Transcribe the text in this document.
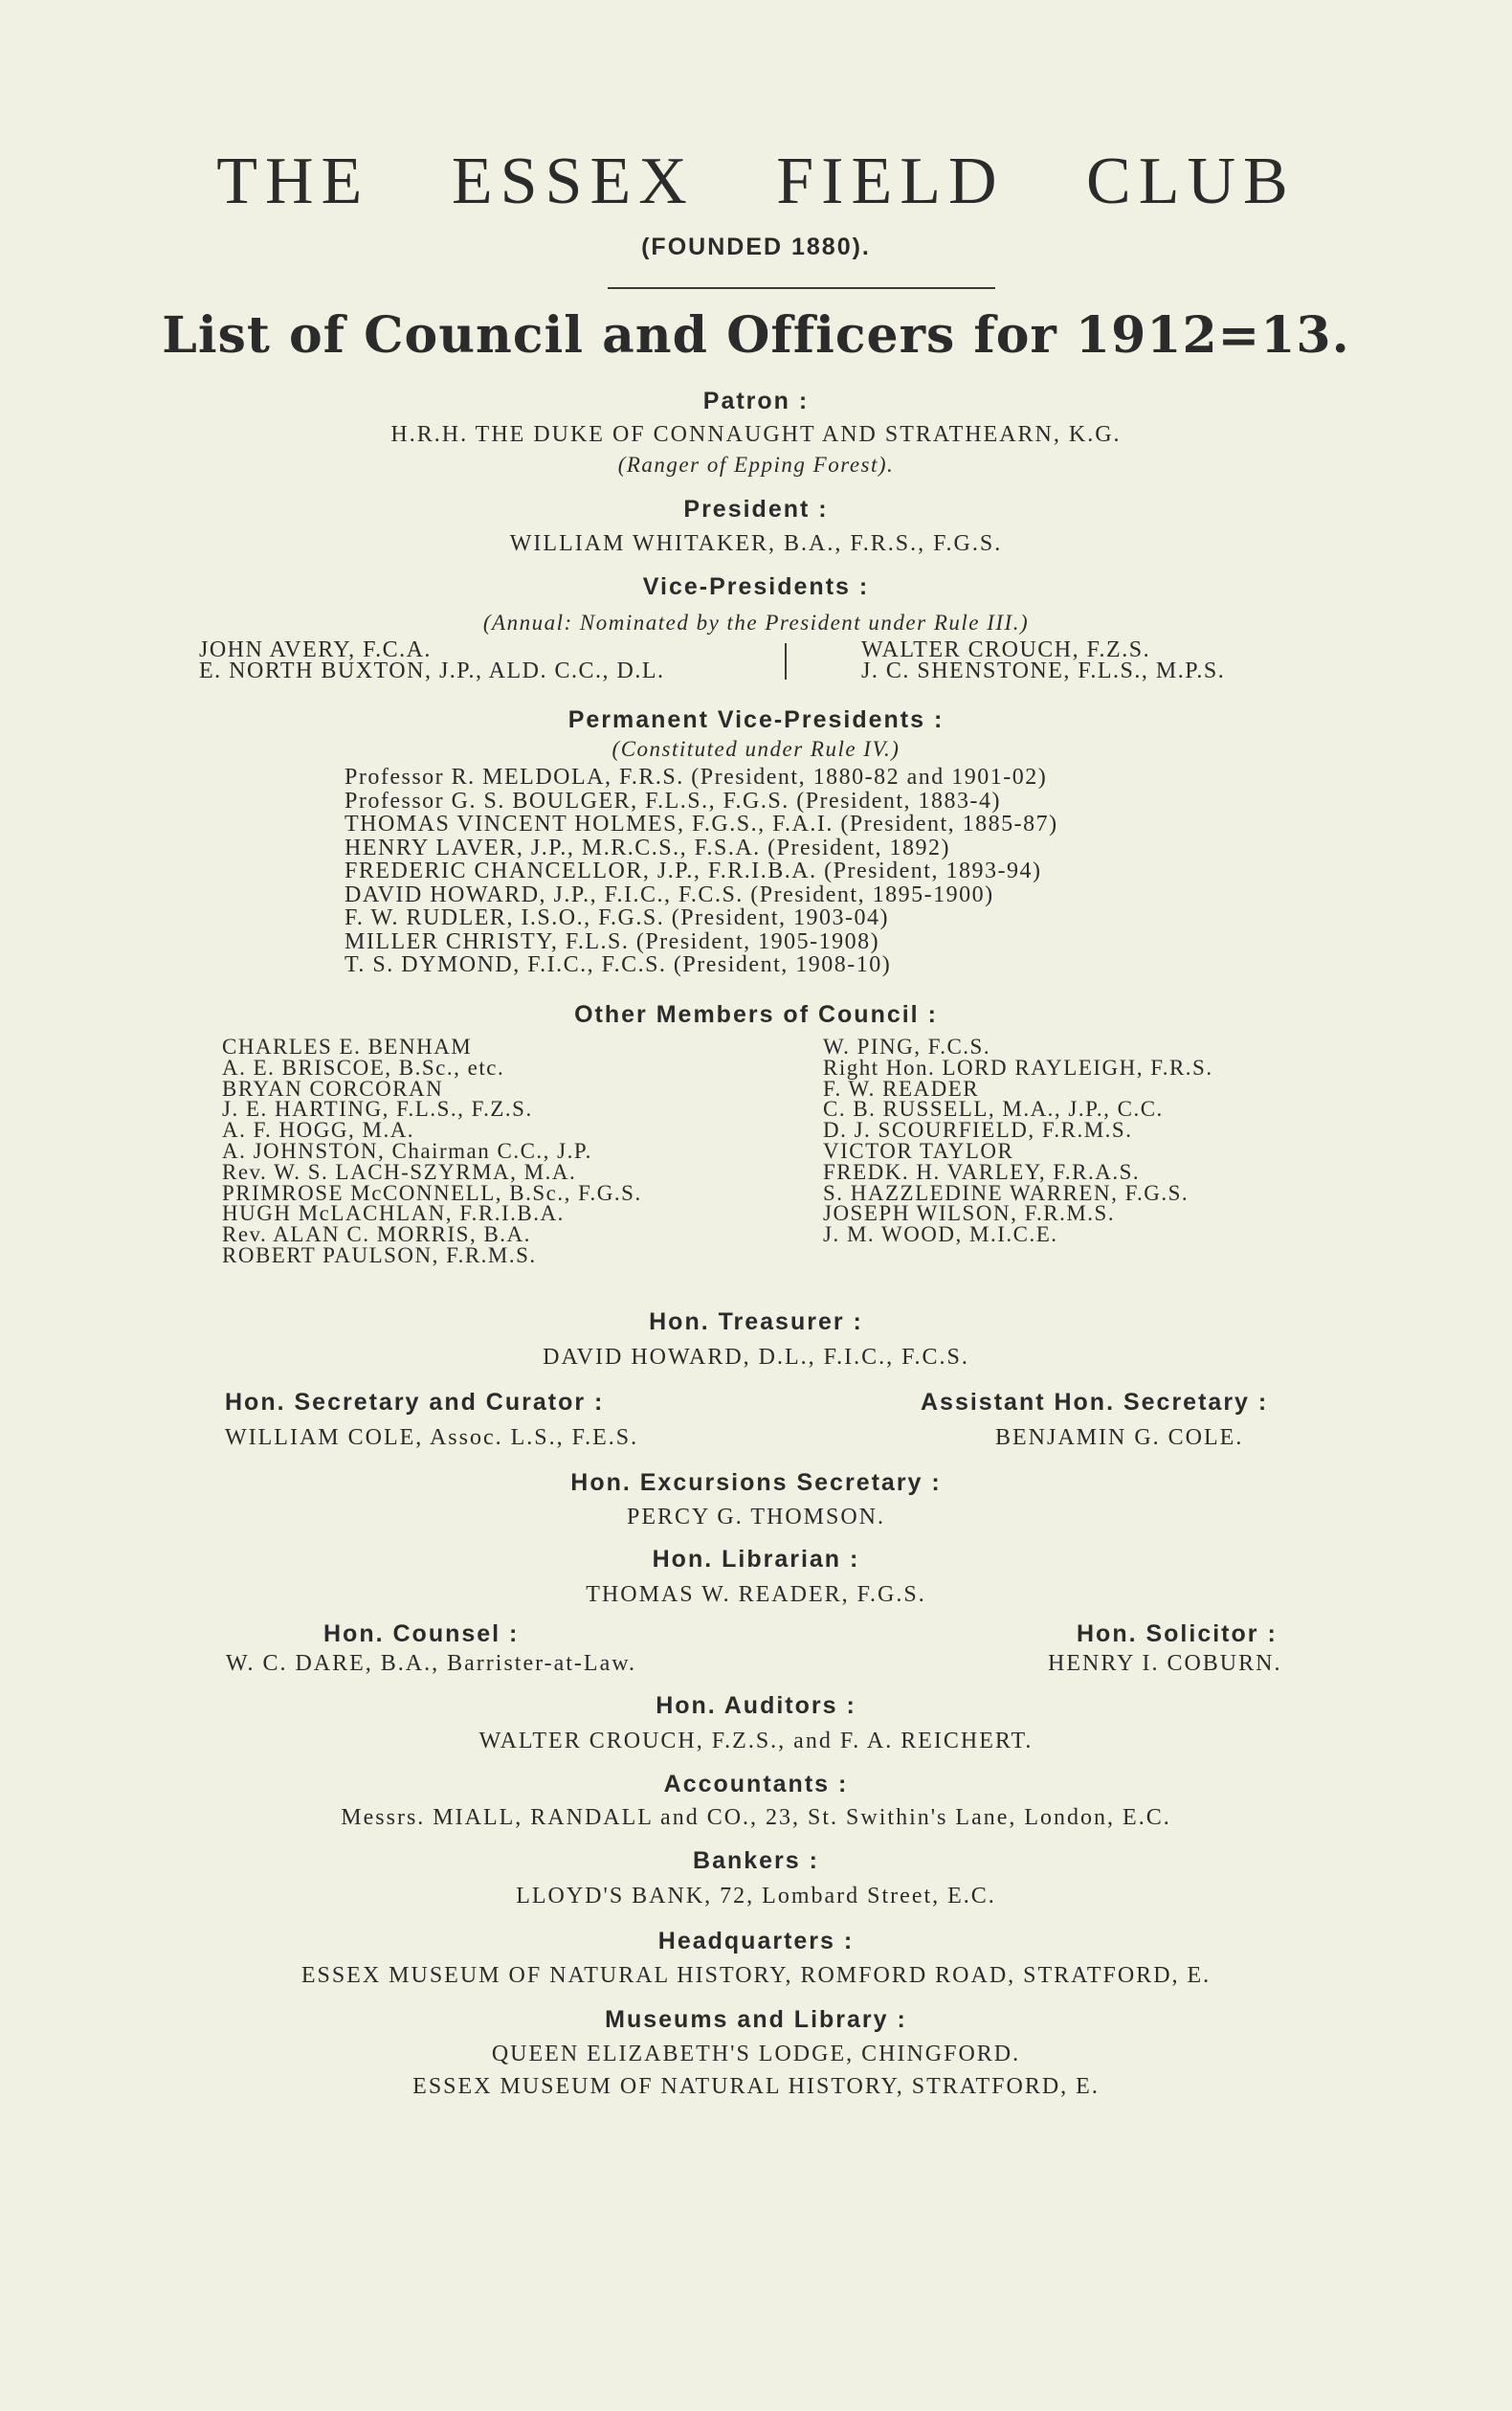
THE ESSEX FIELD CLUB
(FOUNDED 1880).
List of Council and Officers for 1912=13.
Patron :
H.R.H. THE DUKE OF CONNAUGHT AND STRATHEARN, K.G.
(Ranger of Epping Forest).
President :
WILLIAM WHITAKER, B.A., F.R.S., F.G.S.
Vice-Presidents :
(Annual: Nominated by the President under Rule III.)
JOHN AVERY, F.C.A.
E. NORTH BUXTON, J.P., ALD. C.C., D.L.
WALTER CROUCH, F.Z.S.
J. C. SHENSTONE, F.L.S., M.P.S.
Permanent Vice-Presidents :
(Constituted under Rule IV.)
Professor R. MELDOLA, F.R.S. (President, 1880-82 and 1901-02)
Professor G. S. BOULGER, F.L.S., F.G.S. (President, 1883-4)
THOMAS VINCENT HOLMES, F.G.S., F.A.I. (President, 1885-87)
HENRY LAVER, J.P., M.R.C.S., F.S.A. (President, 1892)
FREDERIC CHANCELLOR, J.P., F.R.I.B.A. (President, 1893-94)
DAVID HOWARD, J.P., F.I.C., F.C.S. (President, 1895-1900)
F. W. RUDLER, I.S.O., F.G.S. (President, 1903-04)
MILLER CHRISTY, F.L.S. (President, 1905-1908)
T. S. DYMOND, F.I.C., F.C.S. (President, 1908-10)
Other Members of Council :
CHARLES E. BENHAM
A. E. BRISCOE, B.Sc., etc.
BRYAN CORCORAN
J. E. HARTING, F.L.S., F.Z.S.
A. F. HOGG, M.A.
A. JOHNSTON, Chairman C.C., J.P.
Rev. W. S. LACH-SZYRMA, M.A.
PRIMROSE McCONNELL, B.Sc., F.G.S.
HUGH McLACHLAN, F.R.I.B.A.
Rev. ALAN C. MORRIS, B.A.
ROBERT PAULSON, F.R.M.S.
W. PING, F.C.S.
Right Hon. LORD RAYLEIGH, F.R.S.
F. W. READER
C. B. RUSSELL, M.A., J.P., C.C.
D. J. SCOURFIELD, F.R.M.S.
VICTOR TAYLOR
FREDK. H. VARLEY, F.R.A.S.
S. HAZZLEDINE WARREN, F.G.S.
JOSEPH WILSON, F.R.M.S.
J. M. WOOD, M.I.C.E.
Hon. Treasurer :
DAVID HOWARD, D.L., F.I.C., F.C.S.
Hon. Secretary and Curator :
WILLIAM COLE, Assoc. L.S., F.E.S.
Assistant Hon. Secretary :
BENJAMIN G. COLE.
Hon. Excursions Secretary :
PERCY G. THOMSON.
Hon. Librarian :
THOMAS W. READER, F.G.S.
Hon. Counsel :
W. C. DARE, B.A., Barrister-at-Law.
Hon. Solicitor :
HENRY I. COBURN.
Hon. Auditors :
WALTER CROUCH, F.Z.S., and F. A. REICHERT.
Accountants :
Messrs. MIALL, RANDALL and CO., 23, St. Swithin's Lane, London, E.C.
Bankers :
LLOYD'S BANK, 72, Lombard Street, E.C.
Headquarters :
ESSEX MUSEUM OF NATURAL HISTORY, ROMFORD ROAD, STRATFORD, E.
Museums and Library :
QUEEN ELIZABETH'S LODGE, CHINGFORD.
ESSEX MUSEUM OF NATURAL HISTORY, STRATFORD, E.
